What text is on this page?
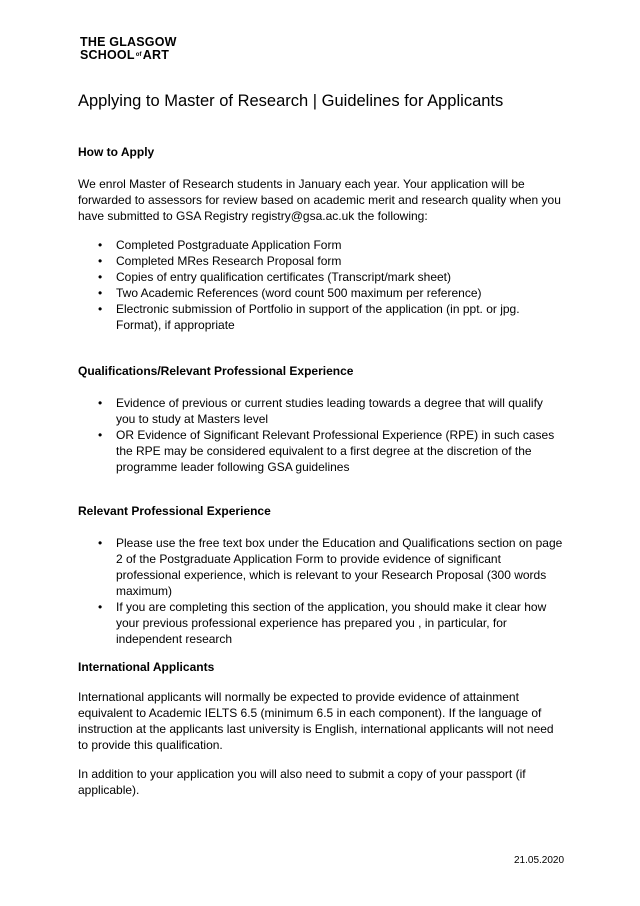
THE GLASGOW
SCHOOLofART
Applying to Master of Research | Guidelines for Applicants
How to Apply

We enrol Master of Research students in January each year. Your application will be forwarded to assessors for review based on academic merit and research quality when you have submitted to GSA Registry registry@gsa.ac.uk the following:

• Completed Postgraduate Application Form
• Completed MRes Research Proposal form
• Copies of entry qualification certificates (Transcript/mark sheet)
• Two Academic References (word count 500 maximum per reference)
• Electronic submission of Portfolio in support of the application (in ppt. or jpg. Format), if appropriate
Qualifications/Relevant Professional Experience
• Evidence of previous or current studies leading towards a degree that will qualify you to study at Masters level
• OR Evidence of Significant Relevant Professional Experience (RPE) in such cases the RPE may be considered equivalent to a first degree at the discretion of the programme leader following GSA guidelines
Relevant Professional Experience
• Please use the free text box under the Education and Qualifications section on page 2 of the Postgraduate Application Form to provide evidence of significant professional experience, which is relevant to your Research Proposal (300 words maximum)
• If you are completing this section of the application, you should make it clear how your previous professional experience has prepared you , in particular, for independent research
International Applicants

International applicants will normally be expected to provide evidence of attainment equivalent to Academic IELTS 6.5 (minimum 6.5 in each component). If the language of instruction at the applicants last university is English, international applicants will not need to provide this qualification.

In addition to your application you will also need to submit a copy of your passport (if applicable).

21.05.2020
